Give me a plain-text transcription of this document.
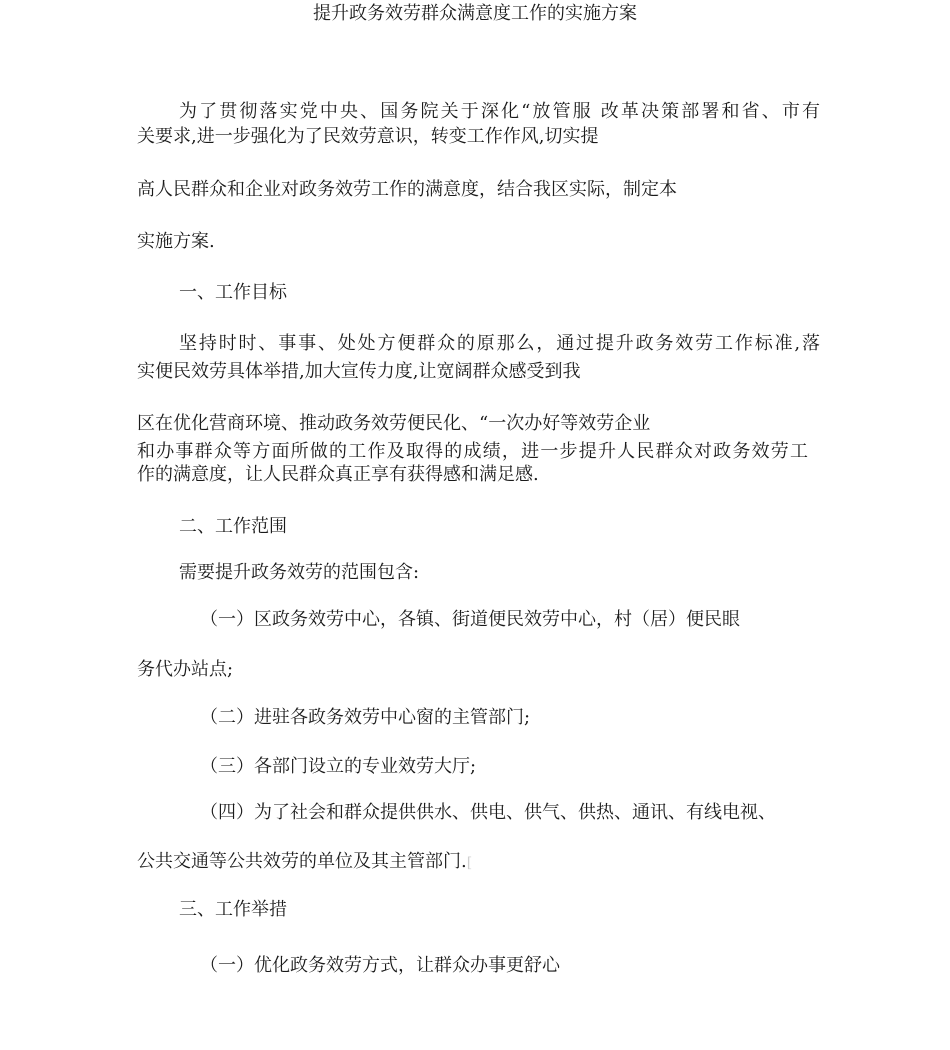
提升政务效劳群众满意度工作的实施方案
为了贯彻落实党中央、国务院关于深化“放管服 改革决策部署和省、市有
关要求,进一步强化为了民效劳意识，转变工作作风,切实提
高人民群众和企业对政务效劳工作的满意度，结合我区实际，制定本
实施方案.
一、工作目标
坚持时时、事事、处处方便群众的原那么，通过提升政务效劳工作标准,落
实便民效劳具体举措,加大宣传力度,让宽阔群众感受到我
区在优化营商环境、推动政务效劳便民化、“一次办好等效劳企业
和办事群众等方面所做的工作及取得的成绩，进一步提升人民群众对政务效劳工
作的满意度，让人民群众真正享有获得感和满足感.
二、工作范围
需要提升政务效劳的范围包含:
（一）区政务效劳中心，各镇、街道便民效劳中心，村（居）便民眼
务代办站点;
（二）进驻各政务效劳中心窗的主管部门;
（三）各部门设立的专业效劳大厅;
（四）为了社会和群众提供供水、供电、供气、供热、通讯、有线电视、
公共交通等公共效劳的单位及其主管部门.[
三、工作举措
（一）优化政务效劳方式，让群众办事更舒心
